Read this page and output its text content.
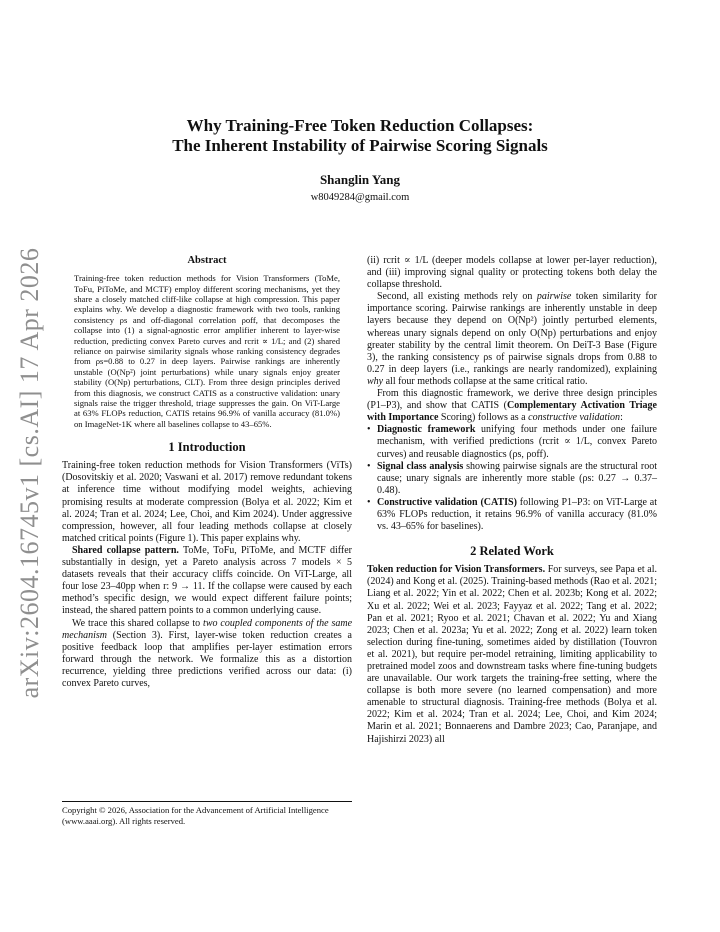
arXiv:2604.16745v1 [cs.AI] 17 Apr 2026
Why Training-Free Token Reduction Collapses:
The Inherent Instability of Pairwise Scoring Signals
Shanglin Yang
w8049284@gmail.com
Abstract

Training-free token reduction methods for Vision Transformers (ToMe, ToFu, PiToMe, and MCTF) employ different scoring mechanisms, yet they share a closely matched cliff-like collapse at high compression. This paper explains why. We develop a diagnostic framework with two tools, ranking consistency ρs and off-diagonal correlation ρoff, that decomposes the collapse into (1) a signal-agnostic error amplifier inherent to layer-wise reduction, predicting convex Pareto curves and rcrit ∝ 1/L; and (2) shared reliance on pairwise similarity signals whose ranking consistency degrades from ρs=0.88 to 0.27 in deep layers. Pairwise rankings are inherently unstable (O(Np²) joint perturbations) while unary signals enjoy greater stability (O(Np) perturbations, CLT). From three design principles derived from this diagnosis, we construct CATIS as a constructive validation: unary signals raise the trigger threshold, triage suppresses the gain. On ViT-Large at 63% FLOPs reduction, CATIS retains 96.9% of vanilla accuracy (81.0%) on ImageNet-1K where all baselines collapse to 43–65%.

1 Introduction

Training-free token reduction methods for Vision Transformers (ViTs) (Dosovitskiy et al. 2020; Vaswani et al. 2017) remove redundant tokens at inference time without modifying model weights, achieving promising results at moderate compression (Bolya et al. 2022; Kim et al. 2024; Tran et al. 2024; Lee, Choi, and Kim 2024). Under aggressive compression, however, all four leading methods collapse at closely matched critical points (Figure 1). This paper explains why.

Shared collapse pattern. ToMe, ToFu, PiToMe, and MCTF differ substantially in design, yet a Pareto analysis across 7 models × 5 datasets reveals that their accuracy cliffs coincide. On ViT-Large, all four lose 23–40pp when r: 9 → 11. If the collapse were caused by each method’s specific design, we would expect different failure points; instead, the shared pattern points to a common underlying cause.

We trace this shared collapse to two coupled components of the same mechanism (Section 3). First, layer-wise token reduction creates a positive feedback loop that amplifies per-layer estimation errors forward through the network. We formalize this as a distortion recurrence, yielding three predictions verified across our data: (i) convex Pareto curves,

(ii) rcrit ∝ 1/L (deeper models collapse at lower per-layer reduction), and (iii) improving signal quality or protecting tokens both delay the collapse threshold.

Second, all existing methods rely on pairwise token similarity for importance scoring. Pairwise rankings are inherently unstable in deep layers because they depend on O(Np²) jointly perturbed elements, whereas unary signals depend on only O(Np) perturbations and enjoy greater stability by the central limit theorem. On DeiT-3 Base (Figure 3), the ranking consistency ρs of pairwise signals drops from 0.88 to 0.27 in deep layers (i.e., rankings are nearly randomized), explaining why all four methods collapse at the same critical ratio.

From this diagnostic framework, we derive three design principles (P1–P3), and show that CATIS (Complementary Activation Triage with Importance Scoring) follows as a constructive validation:

• Diagnostic framework unifying four methods under one failure mechanism, with verified predictions (rcrit ∝ 1/L, convex Pareto curves) and reusable diagnostics (ρs, ρoff).
• Signal class analysis showing pairwise signals are the structural root cause; unary signals are inherently more stable (ρs: 0.27 → 0.37–0.48).
• Constructive validation (CATIS) following P1–P3: on ViT-Large at 63% FLOPs reduction, it retains 96.9% of vanilla accuracy (81.0% vs. 43–65% for baselines).
2 Related Work

Token reduction for Vision Transformers. For surveys, see Papa et al. (2024) and Kong et al. (2025). Training-based methods (Rao et al. 2021; Liang et al. 2022; Yin et al. 2022; Chen et al. 2023b; Kong et al. 2022; Xu et al. 2022; Wei et al. 2023; Fayyaz et al. 2022; Tang et al. 2022; Pan et al. 2021; Ryoo et al. 2021; Chavan et al. 2022; Yu and Xiang 2023; Chen et al. 2023a; Yu et al. 2022; Zong et al. 2022) learn token selection during fine-tuning, sometimes aided by distillation (Touvron et al. 2021), but require per-model retraining, limiting applicability to pretrained model zoos and downstream tasks where fine-tuning budgets are unavailable. Our work targets the training-free setting, where the collapse is both more severe (no learned compensation) and more amenable to structural diagnosis. Training-free methods (Bolya et al. 2022; Kim et al. 2024; Tran et al. 2024; Lee, Choi, and Kim 2024; Marin et al. 2021; Bonnaerens and Dambre 2023; Cao, Paranjape, and Hajishirzi 2023) all

Copyright © 2026, Association for the Advancement of Artificial Intelligence (www.aaai.org). All rights reserved.
